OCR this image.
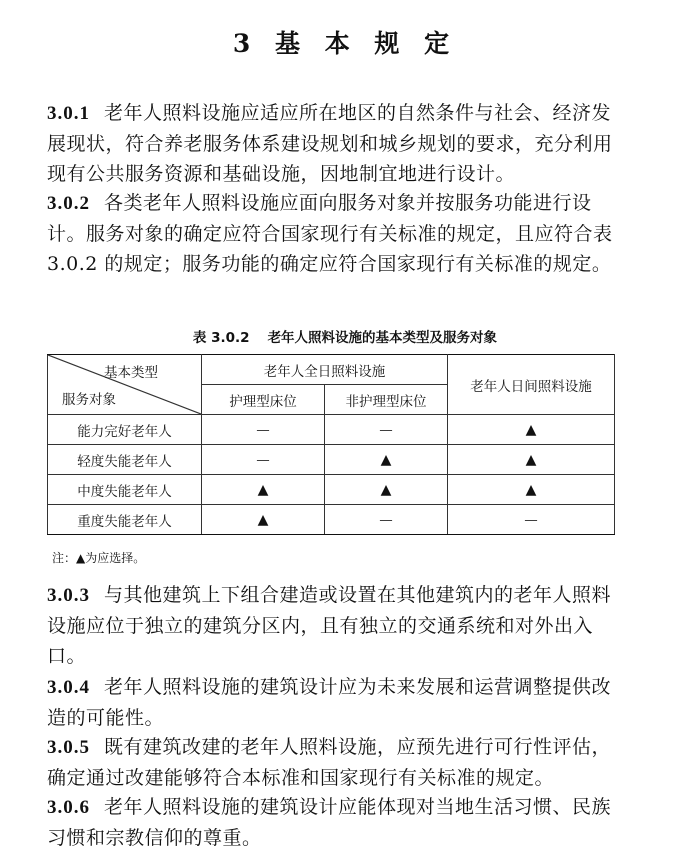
3 基 本 规 定
3.0.1 老年人照料设施应适应所在地区的自然条件与社会、经济发展现状，符合养老服务体系建设规划和城乡规划的要求，充分利用现有公共服务资源和基础设施，因地制宜地进行设计。
3.0.2 各类老年人照料设施应面向服务对象并按服务功能进行设计。服务对象的确定应符合国家现行有关标准的规定，且应符合表 3.0.2 的规定；服务功能的确定应符合国家现行有关标准的规定。
表 3.0.2 老年人照料设施的基本类型及服务对象
基本类型
服务对象	老年人全日照料设施		老年人日间照料设施
	护理型床位	非护理型床位	
能力完好老年人	—	—	▲
轻度失能老年人	—	▲	▲
中度失能老年人	▲	▲	▲
重度失能老年人	▲	—	—
注：▲为应选择。
3.0.3 与其他建筑上下组合建造或设置在其他建筑内的老年人照料设施应位于独立的建筑分区内，且有独立的交通系统和对外出入口。
3.0.4 老年人照料设施的建筑设计应为未来发展和运营调整提供改造的可能性。
3.0.5 既有建筑改建的老年人照料设施，应预先进行可行性评估，确定通过改建能够符合本标准和国家现行有关标准的规定。
3.0.6 老年人照料设施的建筑设计应能体现对当地生活习惯、民族习惯和宗教信仰的尊重。
